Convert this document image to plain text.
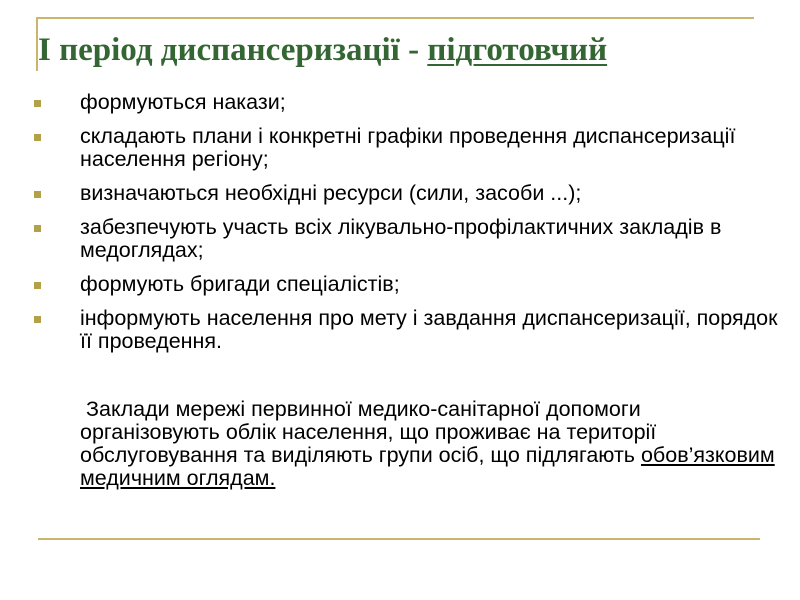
I період диспансеризації - підготовчий
формуються накази;
складають плани і конкретні графіки проведення диспансеризації населення регіону;
визначаються необхідні ресурси (сили, засоби ...);
забезпечують участь всіх лікувально-профілактичних закладів в медоглядах;
формують бригади спеціалістів;
інформують населення про мету і завдання диспансеризації, порядок її проведення.

Заклади мережі первинної медико-санітарної допомоги організовують облік населення, що проживає на території обслуговування та виділяють групи осіб, що підлягають обов’язковим медичним оглядам.
